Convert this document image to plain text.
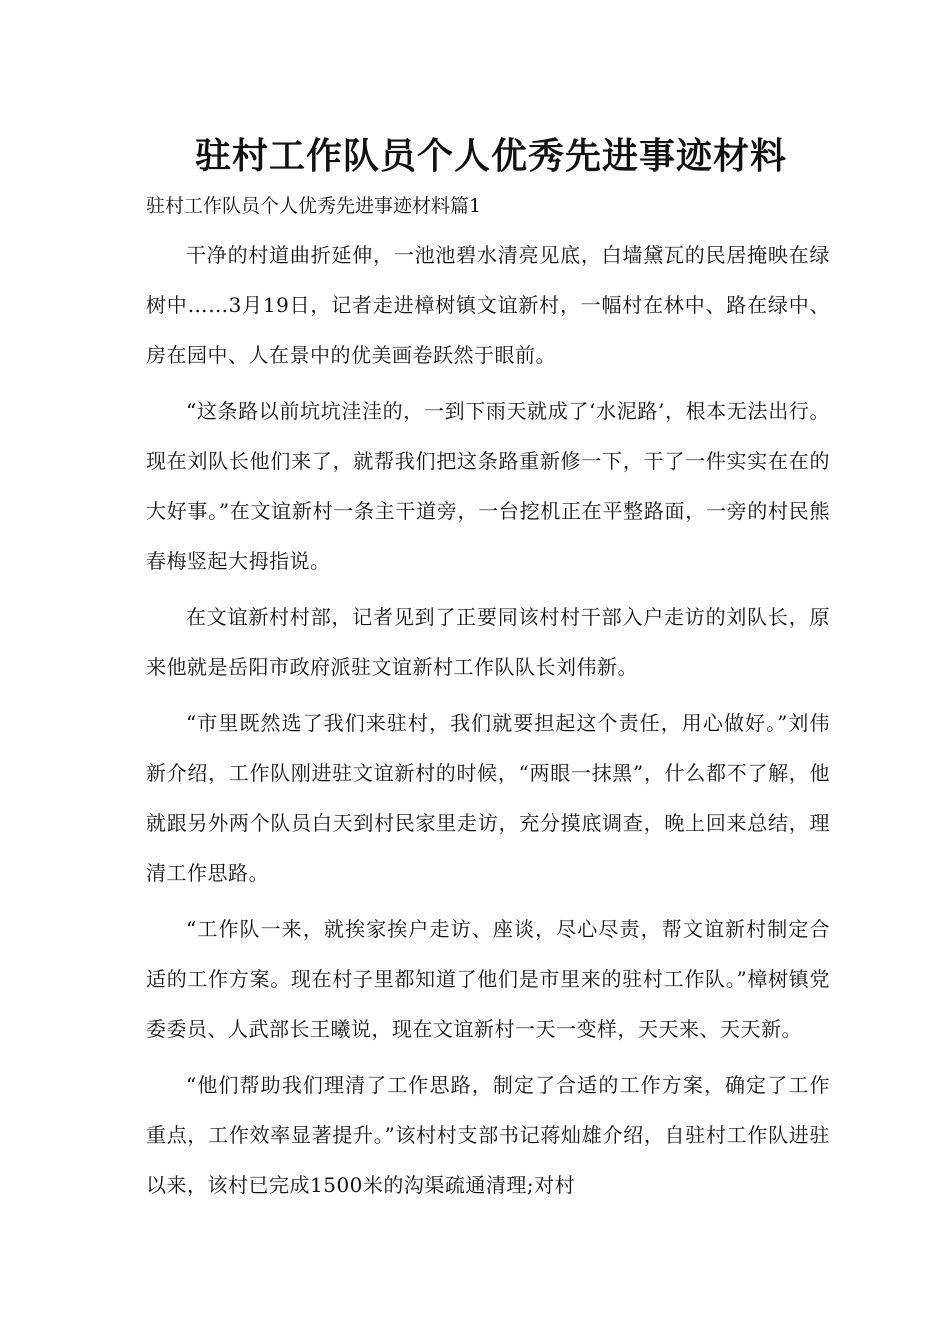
驻村工作队员个人优秀先进事迹材料
驻村工作队员个人优秀先进事迹材料篇1

干净的村道曲折延伸，一池池碧水清亮见底，白墙黛瓦的民居掩映在绿树中……3月19日，记者走进樟树镇文谊新村，一幅村在林中、路在绿中、房在园中、人在景中的优美画卷跃然于眼前。

“这条路以前坑坑洼洼的，一到下雨天就成了‘水泥路’，根本无法出行。现在刘队长他们来了，就帮我们把这条路重新修一下，干了一件实实在在的大好事。”在文谊新村一条主干道旁，一台挖机正在平整路面，一旁的村民熊春梅竖起大拇指说。

在文谊新村村部，记者见到了正要同该村村干部入户走访的刘队长，原来他就是岳阳市政府派驻文谊新村工作队队长刘伟新。

“市里既然选了我们来驻村，我们就要担起这个责任，用心做好。”刘伟新介绍，工作队刚进驻文谊新村的时候，“两眼一抹黑”，什么都不了解，他就跟另外两个队员白天到村民家里走访，充分摸底调查，晚上回来总结，理清工作思路。

“工作队一来，就挨家挨户走访、座谈，尽心尽责，帮文谊新村制定合适的工作方案。现在村子里都知道了他们是市里来的驻村工作队。”樟树镇党委委员、人武部长王曦说，现在文谊新村一天一变样，天天来、天天新。

“他们帮助我们理清了工作思路，制定了合适的工作方案，确定了工作重点，工作效率显著提升。”该村村支部书记蒋灿雄介绍，自驻村工作队进驻以来，该村已完成1500米的沟渠疏通清理;对村
